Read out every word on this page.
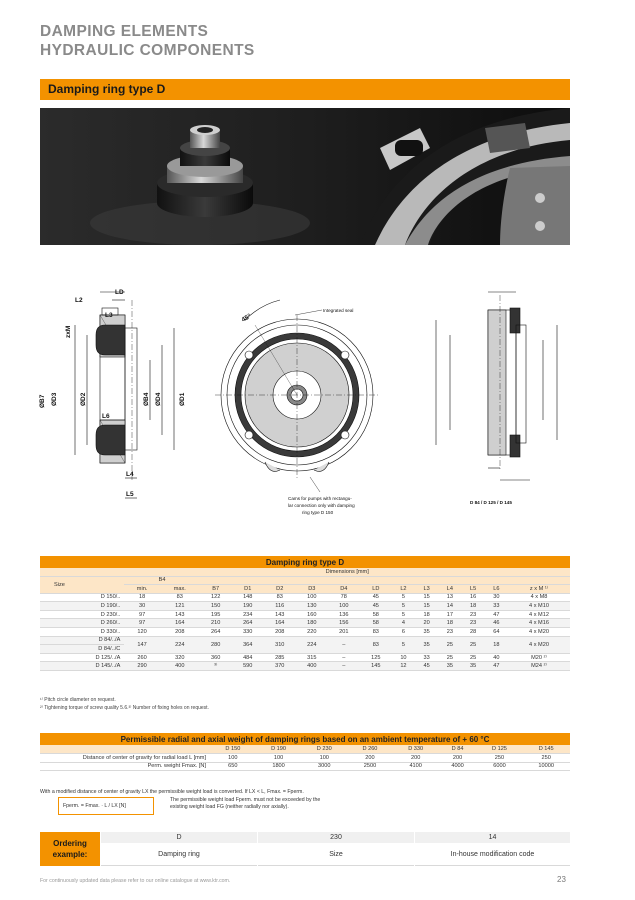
DAMPING ELEMENTS
HYDRAULIC COMPONENTS
Damping ring type D
L2
LD
L3
L6
L4
L5
zxM
ØB7 ØD3	ØD2	ØB4 ØD4	ØD1
45°
Integrated seal
Cams for pumps with rectangu-
lar connection only with damping
ring type D 150
D 84 / D 125 / D 145
Damping ring type D														
	Dimensions [mm]													
Size	B4													
	min.	max.	B7	D1	D2	D3	D4	LD	L2	L3	L4	L5	L6	z x M ¹⁾
D 150/..	18	83	122	148	83	100	78	45	5	15	13	16	30	4 x M8
D 190/..	30	121	150	190	116	130	100	45	5	15	14	18	33	4 x M10
D 230/..	97	143	195	234	143	160	136	58	5	18	17	23	47	4 x M12
D 260/..	97	164	210	264	164	180	156	58	4	20	18	23	46	4 x M16
D 330/..	120	208	264	330	208	220	201	83	6	35	23	28	64	4 x M20
D 84/../A	147	224	280	364	310	224	–	83	5	35	25	25	18	4 x M20
D 84/../C														
D 125/../A	260	320	360	484	285	315	–	125	10	33	25	25	40	M20 ²⁾
D 145/../A	290	400	³⁾	590	370	400	–	145	12	45	35	35	47	M24 ²⁾
¹⁾ Pitch circle diameter on request.
²⁾ Tightening torque of screw quality 5.6.³⁾ Number of fixing holes on request.
Permissible radial and axial weight of damping rings based on an ambient temperature of + 60 °C								
	D 150	D 190	D 230	D 260	D 330	D 84	D 125	D 145
Distance of center of gravity for radial load L [mm]	100	100	100	200	200	200	250	250
Perm. weight Fmax. [N]	650	1800	3000	2500	4100	4000	6000	10000
With a modified distance of center of gravity LX the permissible weight load is converted. If LX < L, Fmax. = Fperm.
Fperm. = Fmax. · L / LX [N]
The permissible weight load Fperm. must not be exceeded by the
existing weight load FG (neither radially nor axially).
Ordering
example:
D
Damping ring
230
Size
14
In-house modification code
For continuously updated data please refer to our online catalogue at www.ktr.com.	23
